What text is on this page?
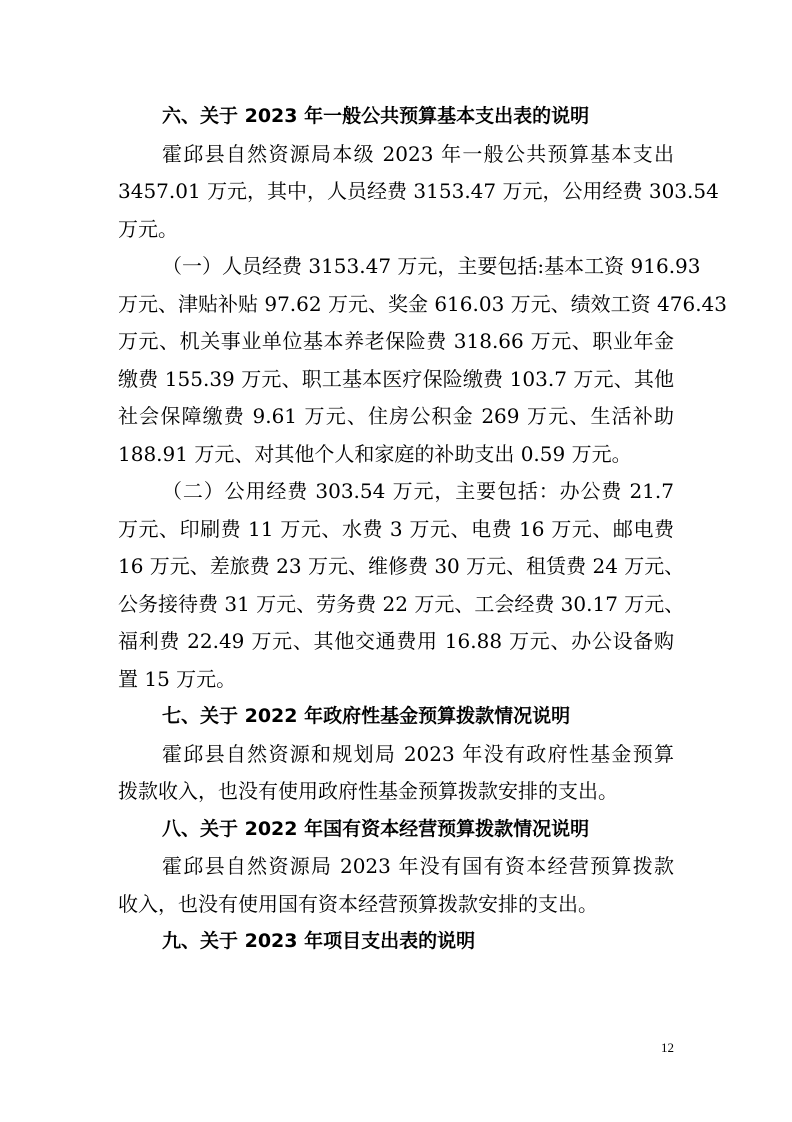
六、关于 2023 年一般公共预算基本支出表的说明
霍邱县自然资源局本级 2023 年一般公共预算基本支出
3457.01 万元，其中，人员经费 3153.47 万元，公用经费 303.54
万元。
（一）人员经费 3153.47 万元，主要包括:基本工资 916.93
万元、津贴补贴 97.62 万元、奖金 616.03 万元、绩效工资 476.43
万元、机关事业单位基本养老保险费 318.66 万元、职业年金
缴费 155.39 万元、职工基本医疗保险缴费 103.7 万元、其他
社会保障缴费 9.61 万元、住房公积金 269 万元、生活补助
188.91 万元、对其他个人和家庭的补助支出 0.59 万元。
（二）公用经费 303.54 万元，主要包括：办公费 21.7
万元、印刷费 11 万元、水费 3 万元、电费 16 万元、邮电费
16 万元、差旅费 23 万元、维修费 30 万元、租赁费 24 万元、
公务接待费 31 万元、劳务费 22 万元、工会经费 30.17 万元、
福利费 22.49 万元、其他交通费用 16.88 万元、办公设备购
置 15 万元。
七、关于 2022 年政府性基金预算拨款情况说明
霍邱县自然资源和规划局 2023 年没有政府性基金预算
拨款收入，也没有使用政府性基金预算拨款安排的支出。
八、关于 2022 年国有资本经营预算拨款情况说明
霍邱县自然资源局 2023 年没有国有资本经营预算拨款
收入，也没有使用国有资本经营预算拨款安排的支出。
九、关于 2023 年项目支出表的说明
12
